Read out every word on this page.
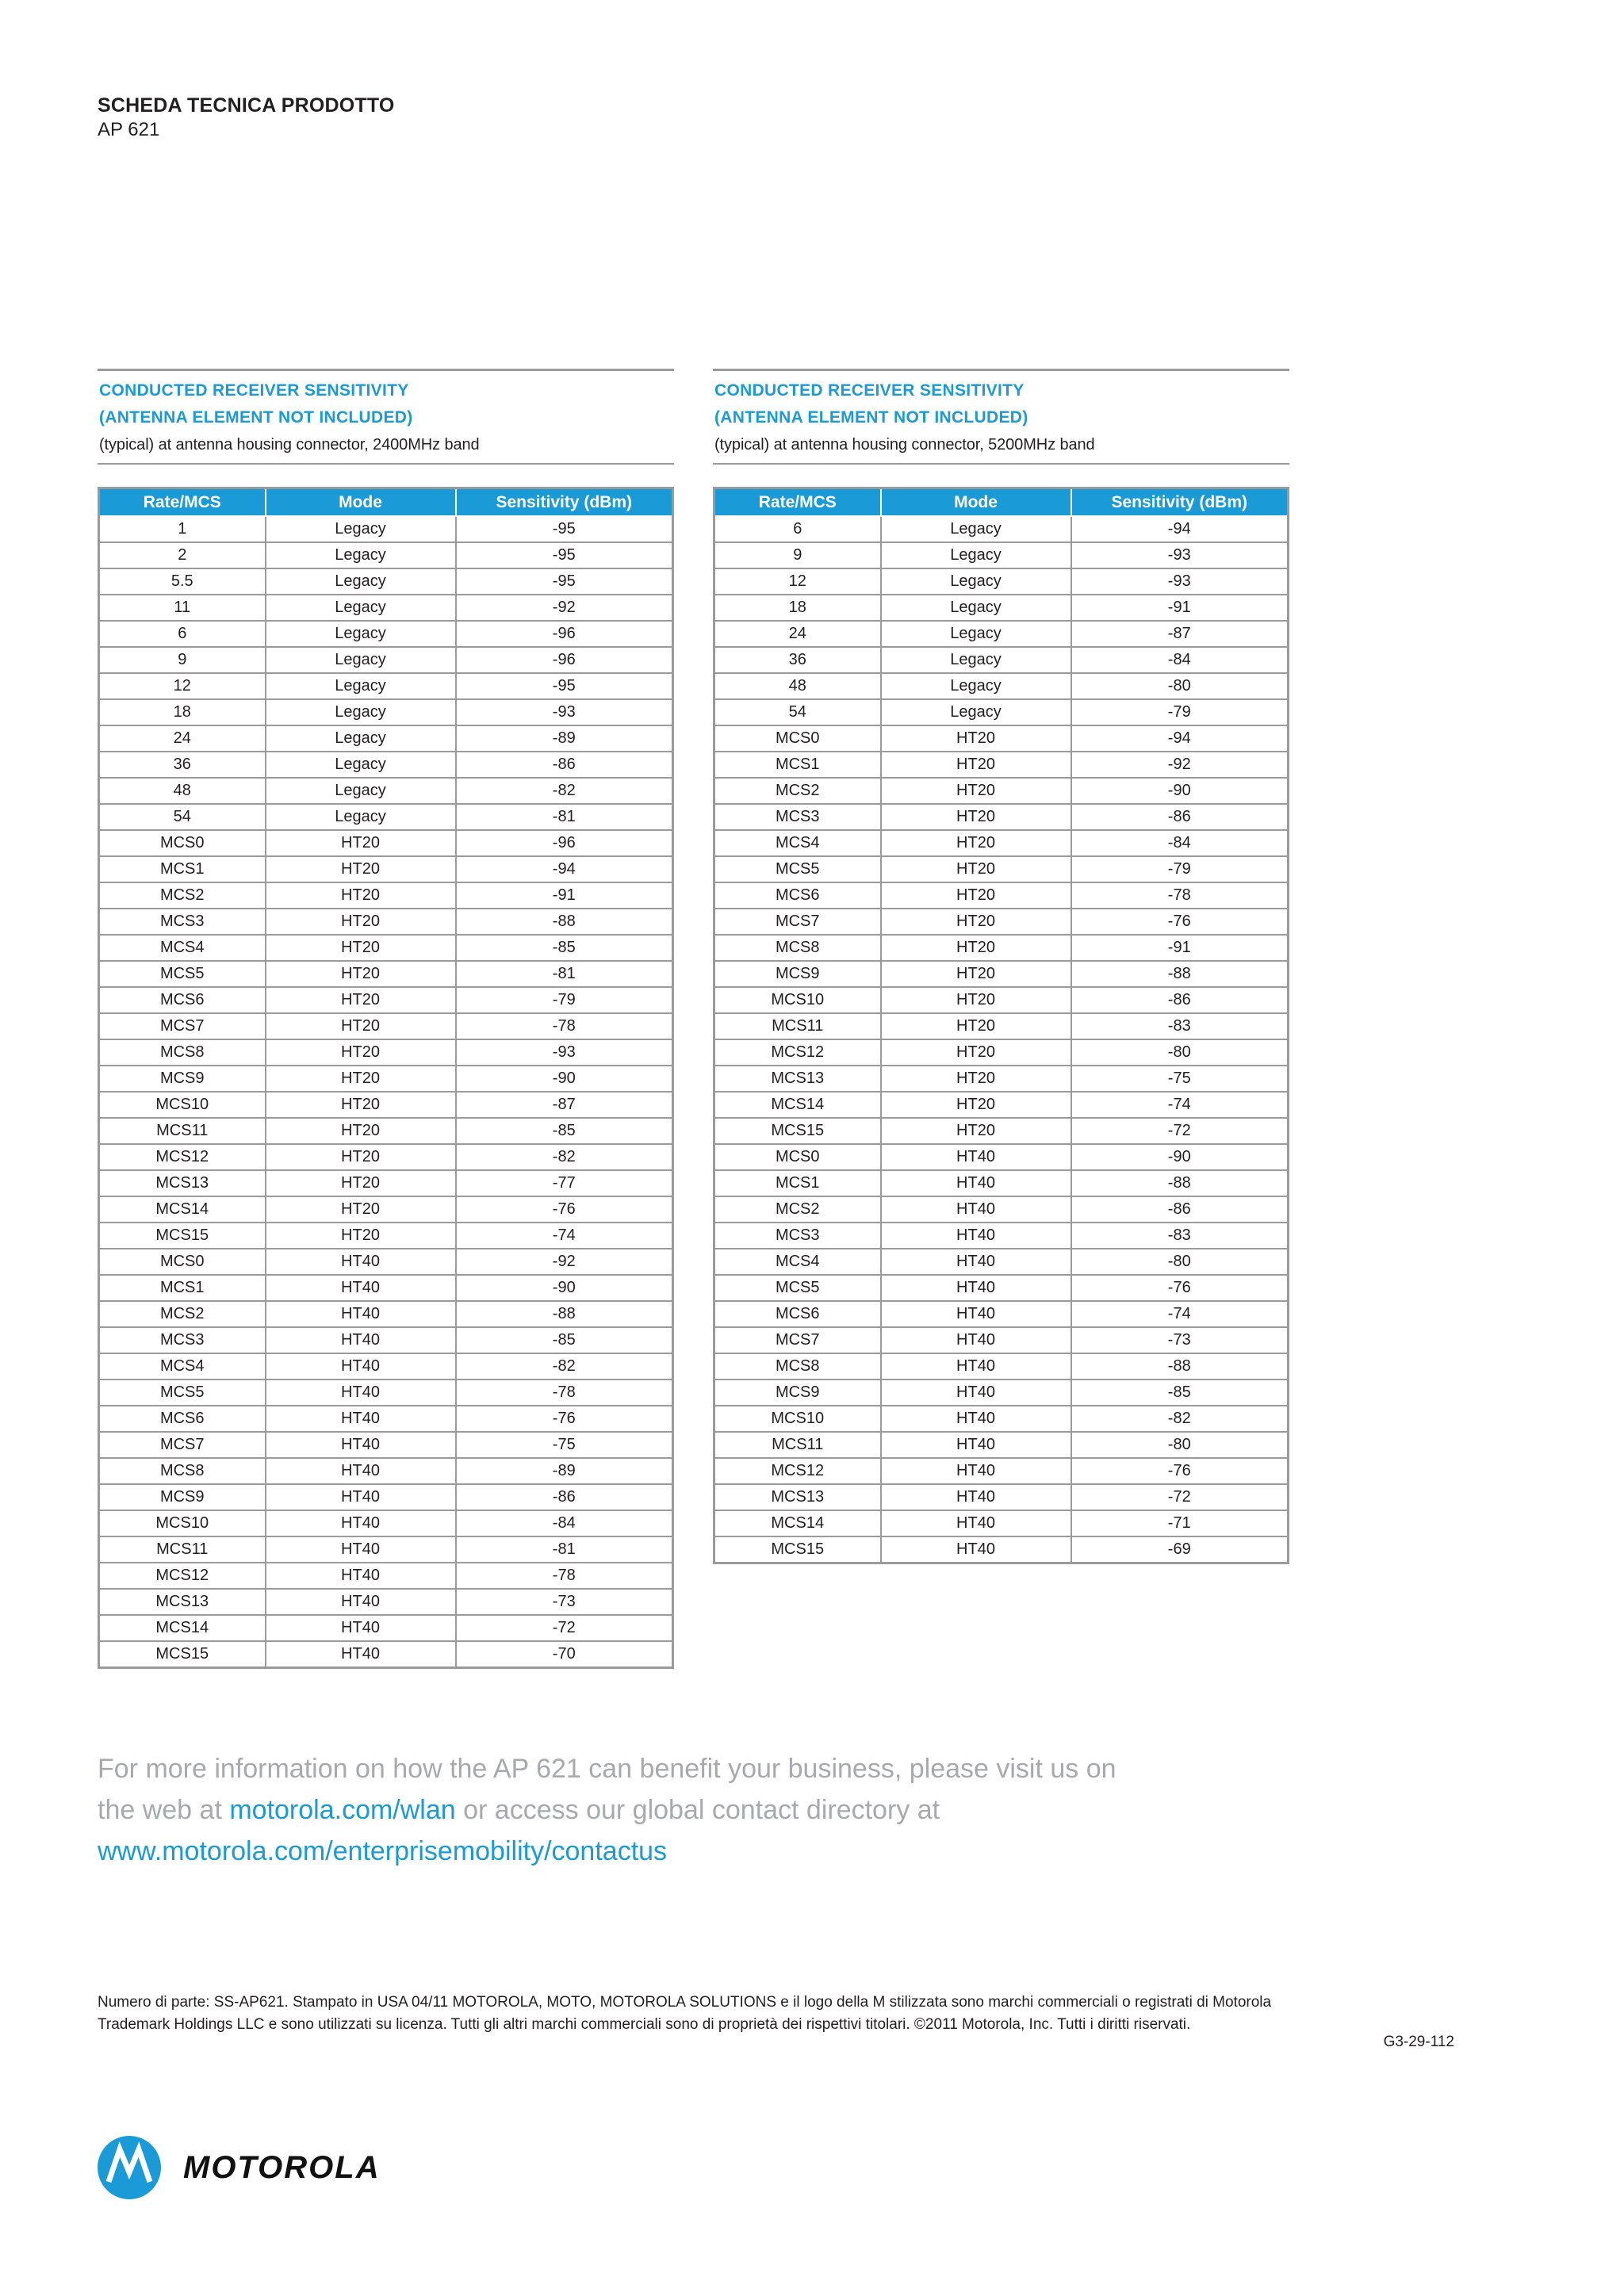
SCHEDA TECNICA PRODOTTO
AP 621
CONDUCTED RECEIVER SENSITIVITY
(ANTENNA ELEMENT NOT INCLUDED)
(typical) at antenna housing connector, 2400MHz band
Rate/MCS	Mode	Sensitivity (dBm)
1	Legacy	-95
2	Legacy	-95
5.5	Legacy	-95
11	Legacy	-92
6	Legacy	-96
9	Legacy	-96
12	Legacy	-95
18	Legacy	-93
24	Legacy	-89
36	Legacy	-86
48	Legacy	-82
54	Legacy	-81
MCS0	HT20	-96
MCS1	HT20	-94
MCS2	HT20	-91
MCS3	HT20	-88
MCS4	HT20	-85
MCS5	HT20	-81
MCS6	HT20	-79
MCS7	HT20	-78
MCS8	HT20	-93
MCS9	HT20	-90
MCS10	HT20	-87
MCS11	HT20	-85
MCS12	HT20	-82
MCS13	HT20	-77
MCS14	HT20	-76
MCS15	HT20	-74
MCS0	HT40	-92
MCS1	HT40	-90
MCS2	HT40	-88
MCS3	HT40	-85
MCS4	HT40	-82
MCS5	HT40	-78
MCS6	HT40	-76
MCS7	HT40	-75
MCS8	HT40	-89
MCS9	HT40	-86
MCS10	HT40	-84
MCS11	HT40	-81
MCS12	HT40	-78
MCS13	HT40	-73
MCS14	HT40	-72
MCS15	HT40	-70
CONDUCTED RECEIVER SENSITIVITY
(ANTENNA ELEMENT NOT INCLUDED)
(typical) at antenna housing connector, 5200MHz band
Rate/MCS	Mode	Sensitivity (dBm)
6	Legacy	-94
9	Legacy	-93
12	Legacy	-93
18	Legacy	-91
24	Legacy	-87
36	Legacy	-84
48	Legacy	-80
54	Legacy	-79
MCS0	HT20	-94
MCS1	HT20	-92
MCS2	HT20	-90
MCS3	HT20	-86
MCS4	HT20	-84
MCS5	HT20	-79
MCS6	HT20	-78
MCS7	HT20	-76
MCS8	HT20	-91
MCS9	HT20	-88
MCS10	HT20	-86
MCS11	HT20	-83
MCS12	HT20	-80
MCS13	HT20	-75
MCS14	HT20	-74
MCS15	HT20	-72
MCS0	HT40	-90
MCS1	HT40	-88
MCS2	HT40	-86
MCS3	HT40	-83
MCS4	HT40	-80
MCS5	HT40	-76
MCS6	HT40	-74
MCS7	HT40	-73
MCS8	HT40	-88
MCS9	HT40	-85
MCS10	HT40	-82
MCS11	HT40	-80
MCS12	HT40	-76
MCS13	HT40	-72
MCS14	HT40	-71
MCS15	HT40	-69

For more information on how the AP 621 can benefit your business, please visit us on

the web at motorola.com/wlan or access our global contact directory at

www.motorola.com/enterprisemobility/contactus

Numero di parte: SS-AP621. Stampato in USA 04/11 MOTOROLA, MOTO, MOTOROLA SOLUTIONS e il logo della M stilizzata sono marchi commerciali o registrati di Motorola
Trademark Holdings LLC e sono utilizzati su licenza. Tutti gli altri marchi commerciali sono di proprietà dei rispettivi titolari. ©2011 Motorola, Inc. Tutti i diritti riservati.
G3-29-112
MOTOROLA
